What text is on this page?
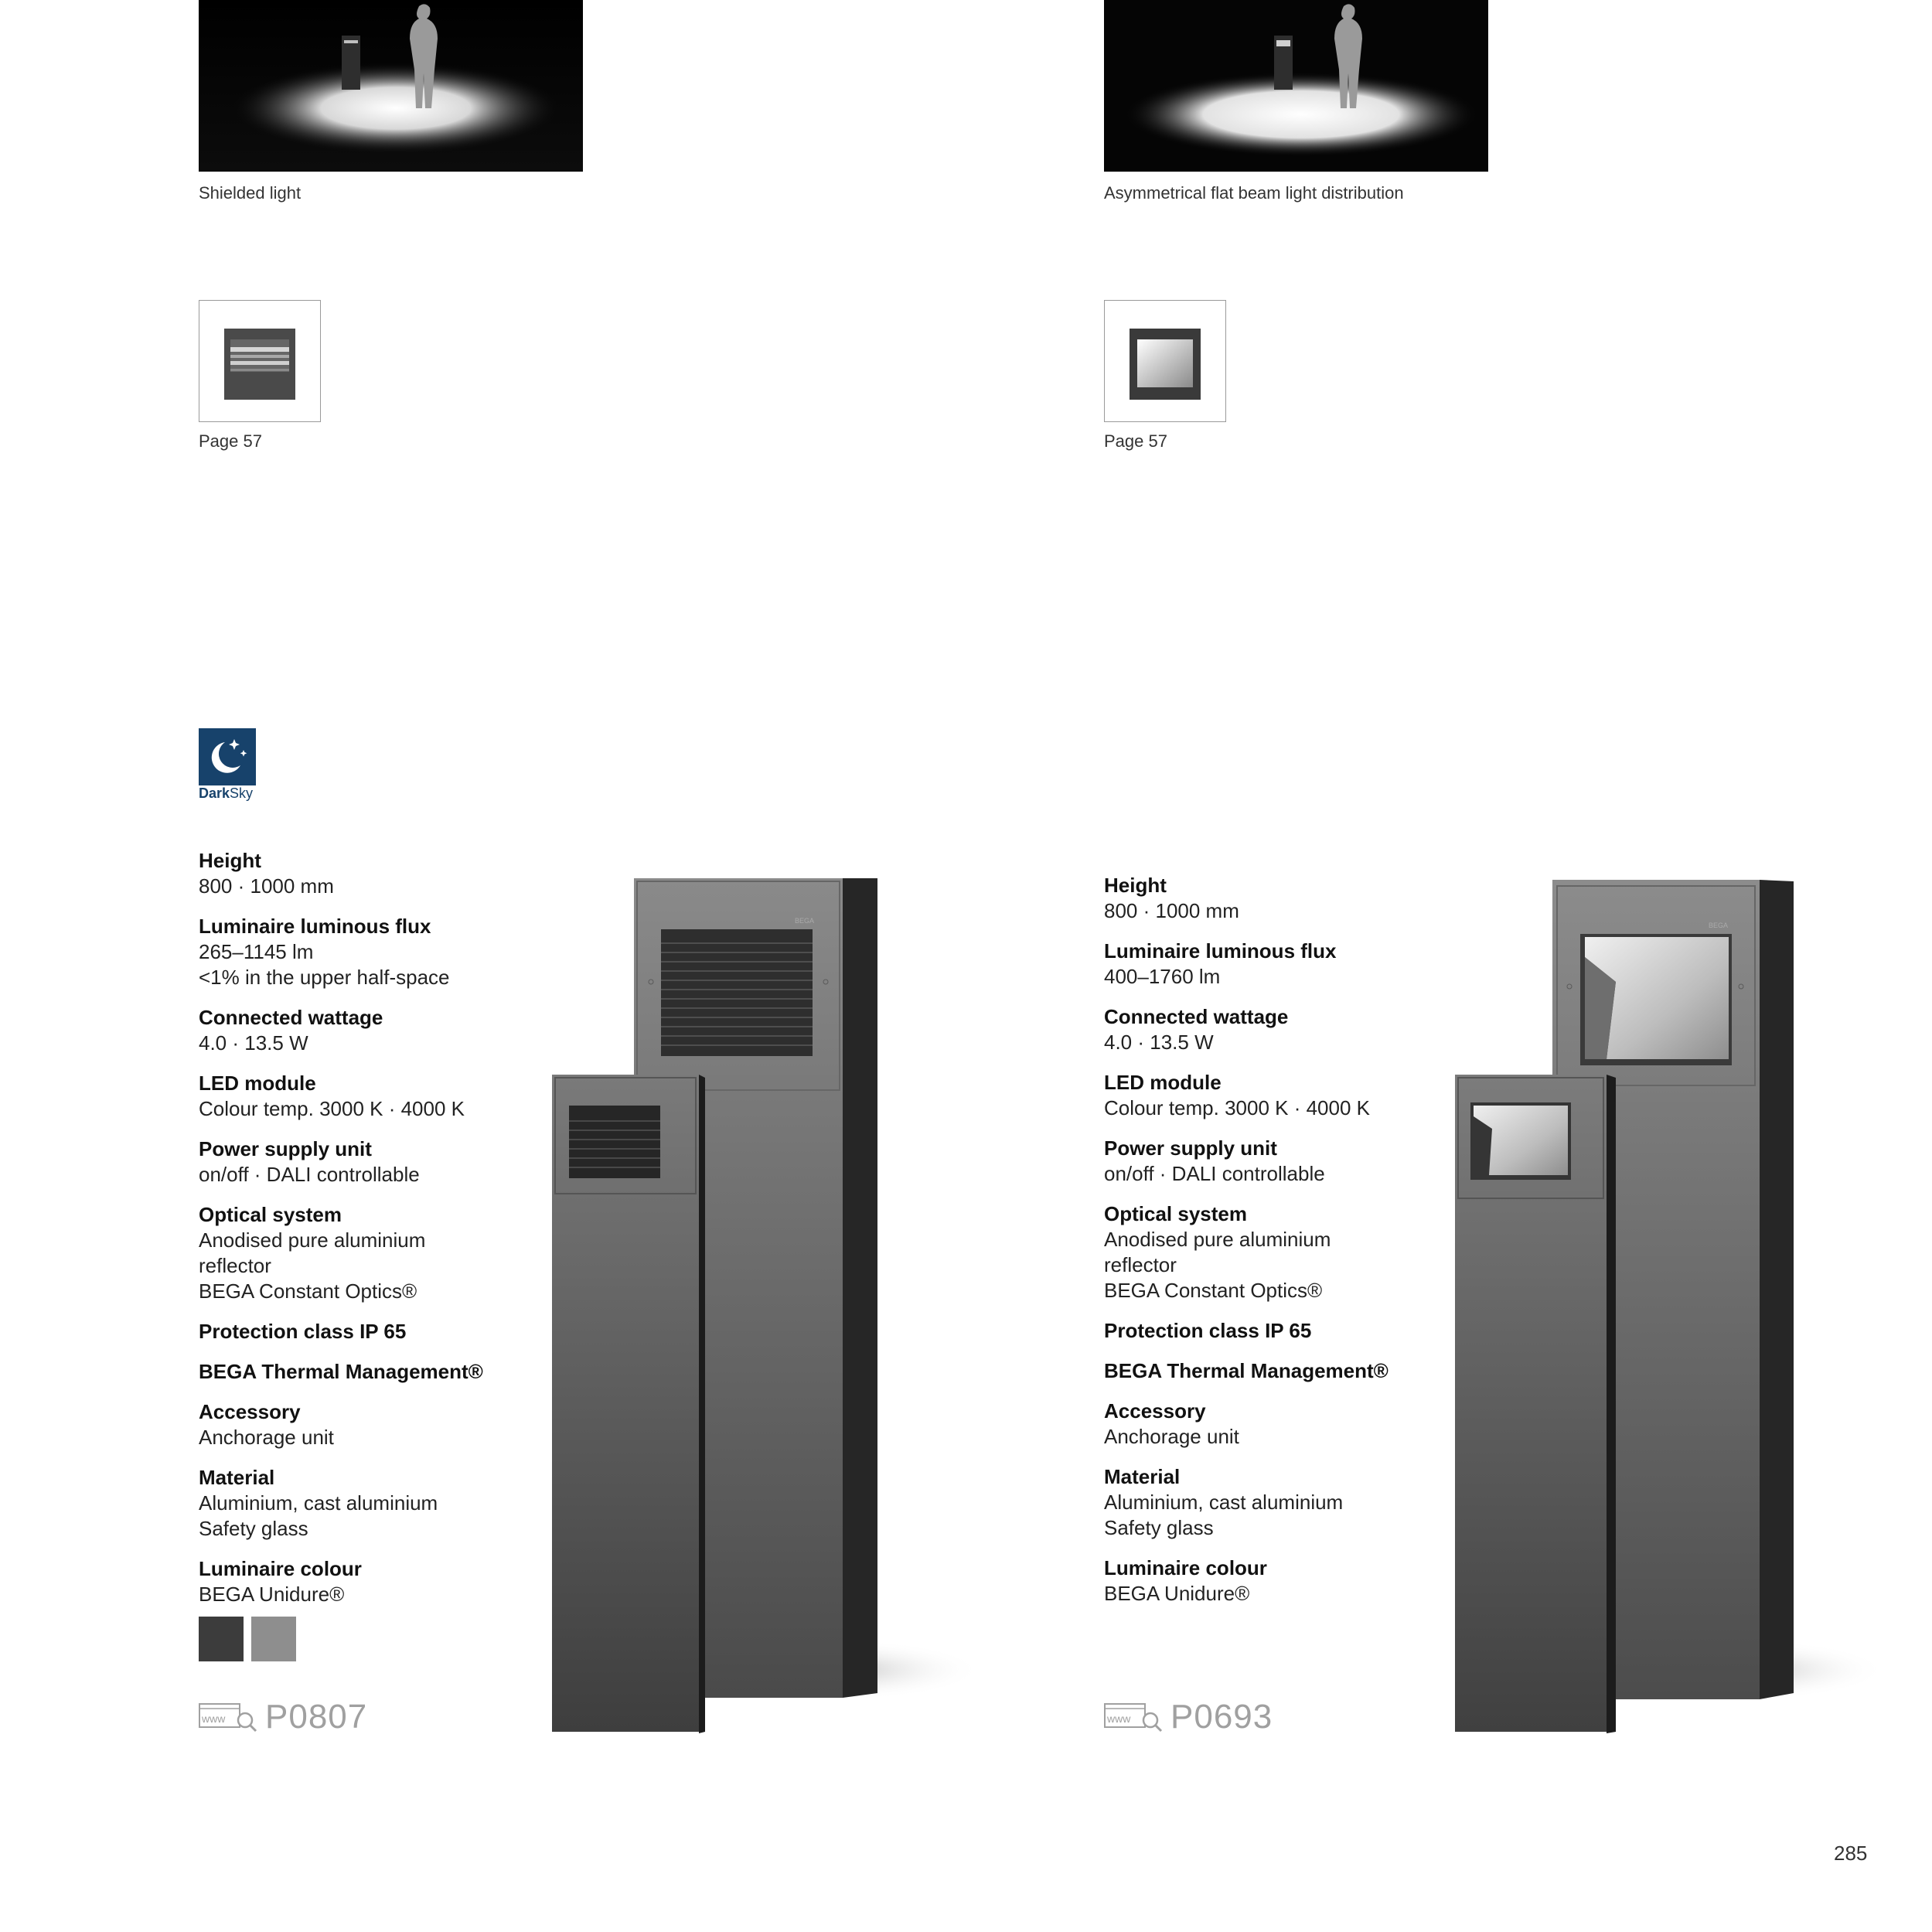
Shielded light
Page 57
DarkSky
Height
800 · 1000 mm
Luminaire luminous flux
265–1145 lm
<1% in the upper half-space
Connected wattage
4.0 · 13.5 W
LED module
Colour temp. 3000 K · 4000 K
Power supply unit
on/off · DALI controllable
Optical system
Anodised pure aluminium
reflector
BEGA Constant Optics®
Protection class IP 65
BEGA Thermal Management®
Accessory
Anchorage unit
Material
Aluminium, cast aluminium
Safety glass
Luminaire colour
BEGA Unidure®
www P0807
BEGA
Asymmetrical flat beam light distribution
Page 57
Height
800 · 1000 mm
Luminaire luminous flux
400–1760 lm
Connected wattage
4.0 · 13.5 W
LED module
Colour temp. 3000 K · 4000 K
Power supply unit
on/off · DALI controllable
Optical system
Anodised pure aluminium
reflector
BEGA Constant Optics®
Protection class IP 65
BEGA Thermal Management®
Accessory
Anchorage unit
Material
Aluminium, cast aluminium
Safety glass
Luminaire colour
BEGA Unidure®
www P0693
BEGA
285
